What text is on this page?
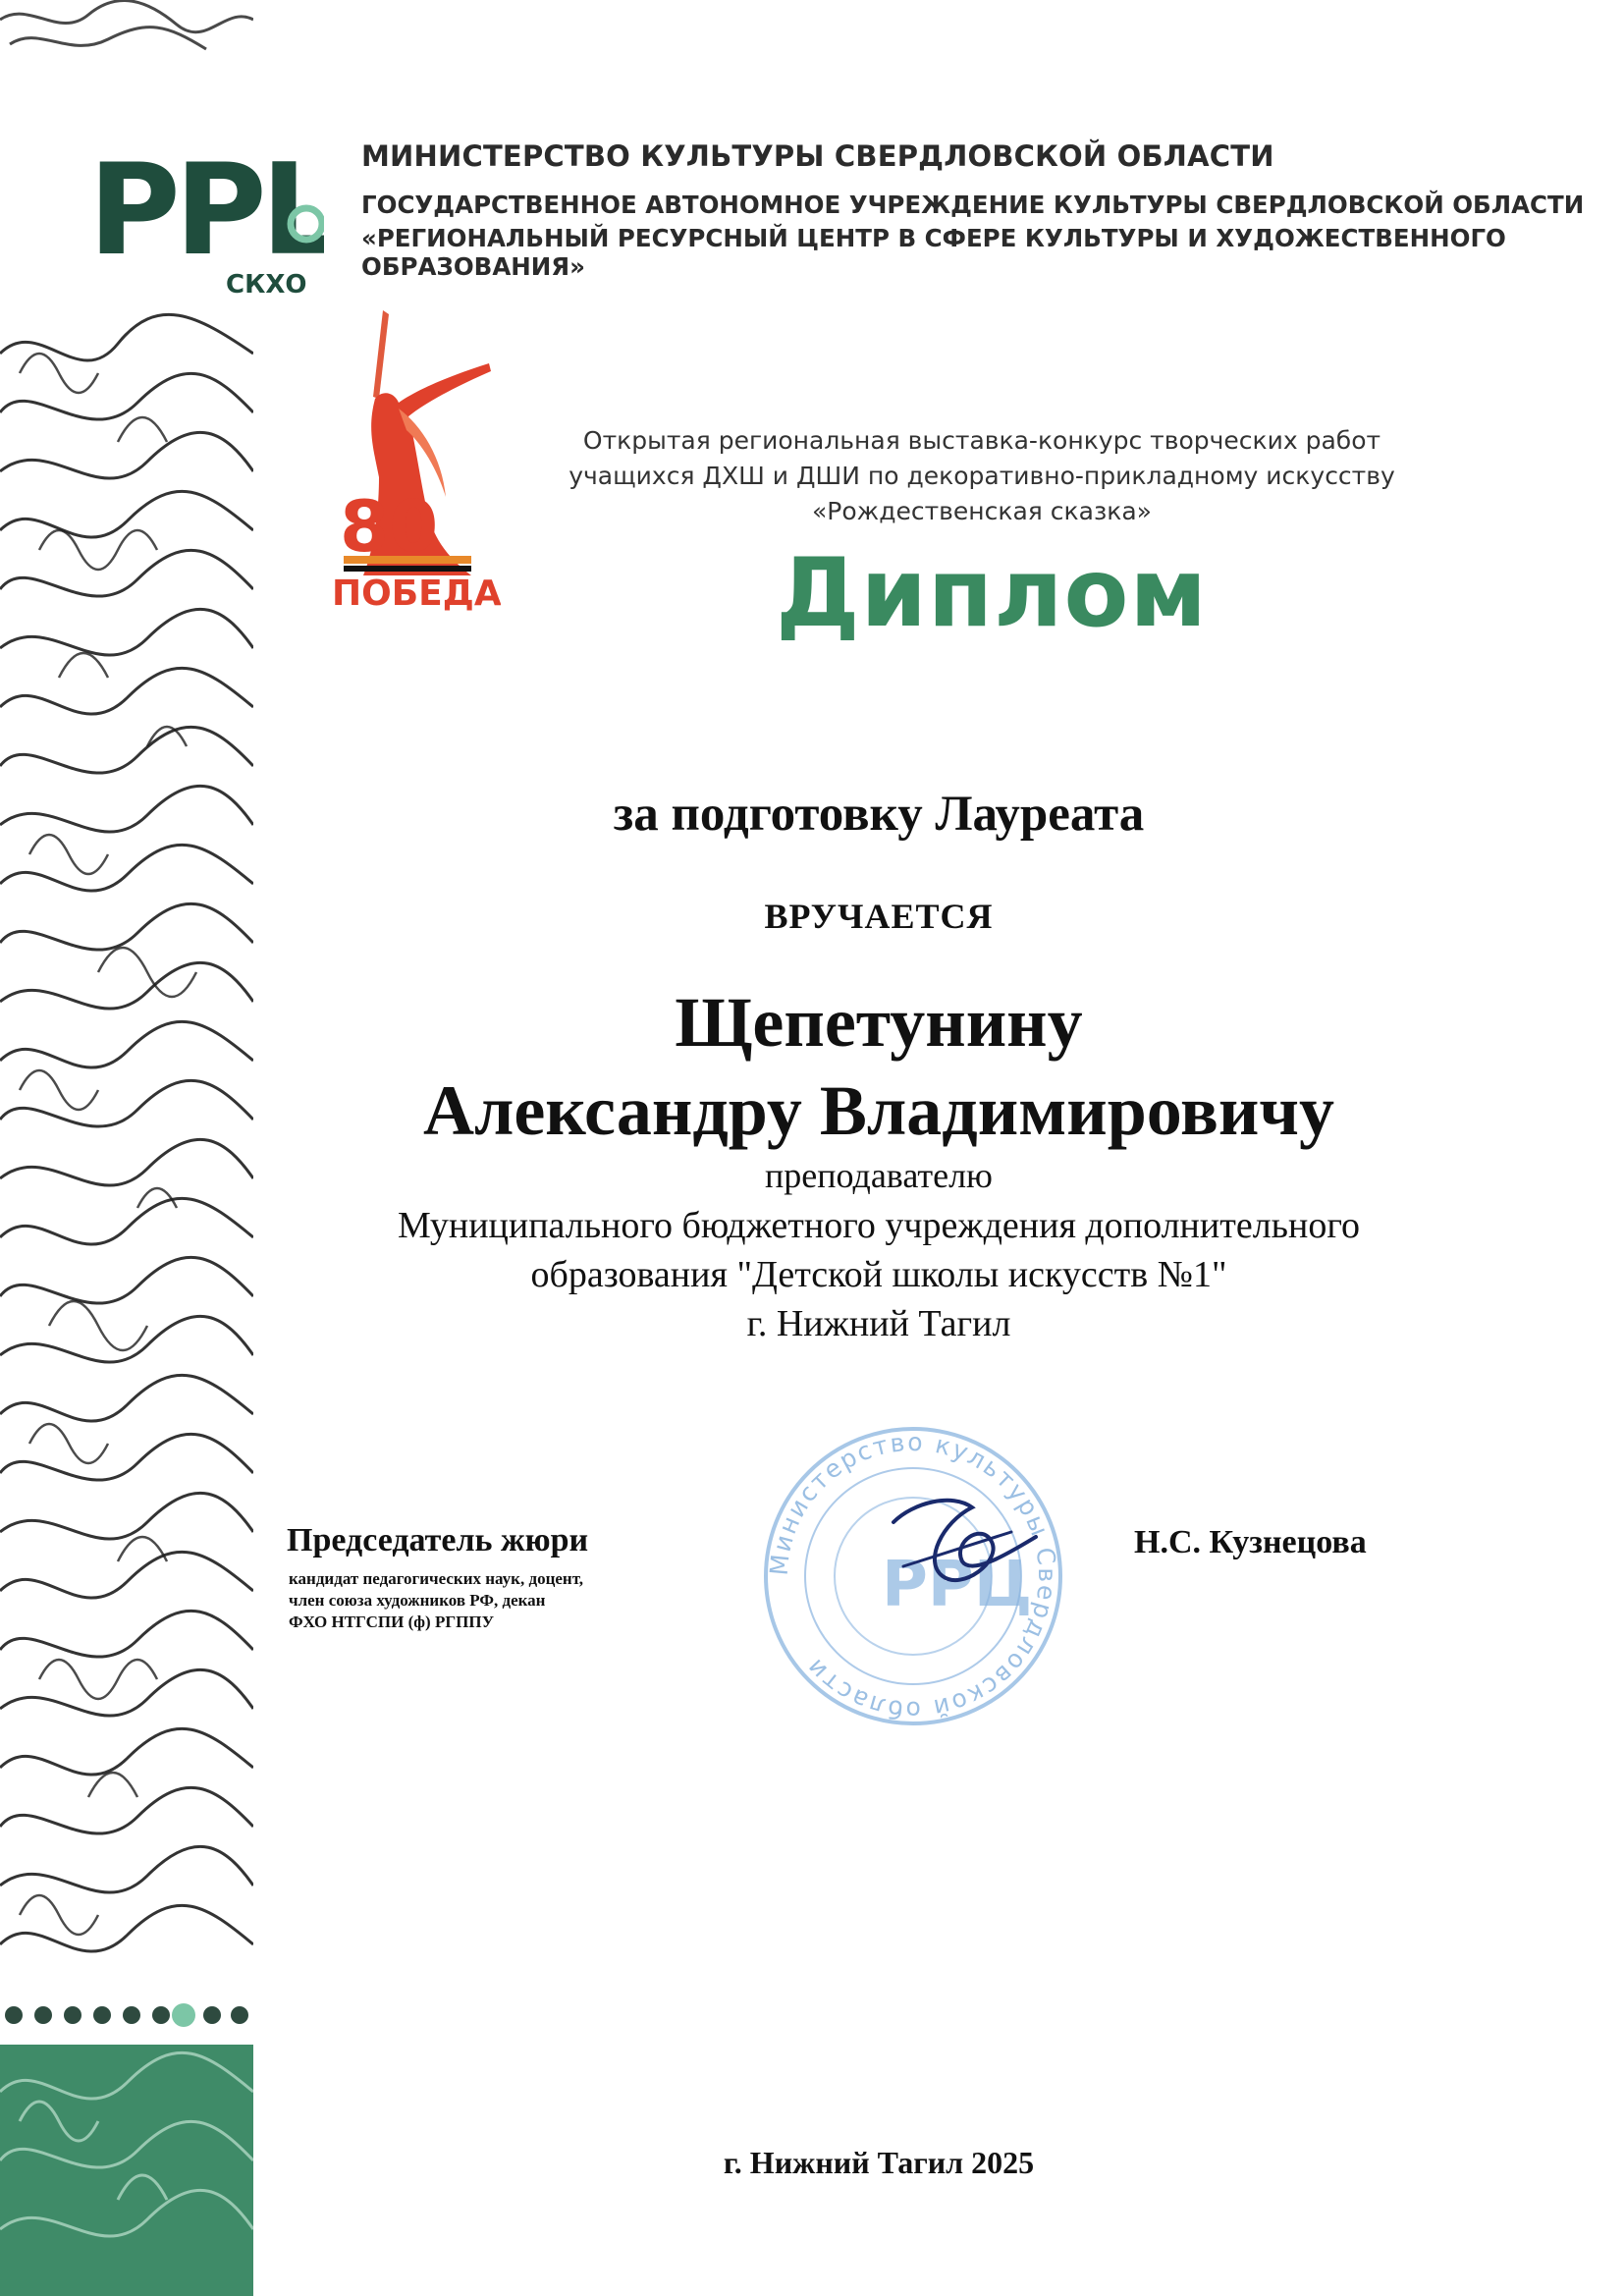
РРЦ
СКХО
МИНИСТЕРСТВО КУЛЬТУРЫ СВЕРДЛОВСКОЙ ОБЛАСТИ
ГОСУДАРСТВЕННОЕ АВТОНОМНОЕ УЧРЕЖДЕНИЕ КУЛЬТУРЫ СВЕРДЛОВСКОЙ ОБЛАСТИ
«РЕГИОНАЛЬНЫЙ РЕСУРСНЫЙ ЦЕНТР В СФЕРЕ КУЛЬТУРЫ И ХУДОЖЕСТВЕННОГО ОБРАЗОВАНИЯ»
80
ПОБЕДА!
Открытая региональная выставка-конкурс творческих работ
учащихся ДХШ и ДШИ по декоративно-прикладному искусству
«Рождественская сказка»
Диплом
за подготовку Лауреата
ВРУЧАЕТСЯ
Щепетунину
Александру Владимировичу
преподавателю
Муниципального бюджетного учреждения дополнительного
образования "Детской школы искусств №1"
г. Нижний Тагил
Председатель жюри
кандидат педагогических наук, доцент,
член союза художников РФ, декан
ФХО НТГСПИ (ф) РГППУ
Министерство культуры Свердловской области
РРЦ
Н.С. Кузнецова
г. Нижний Тагил 2025
